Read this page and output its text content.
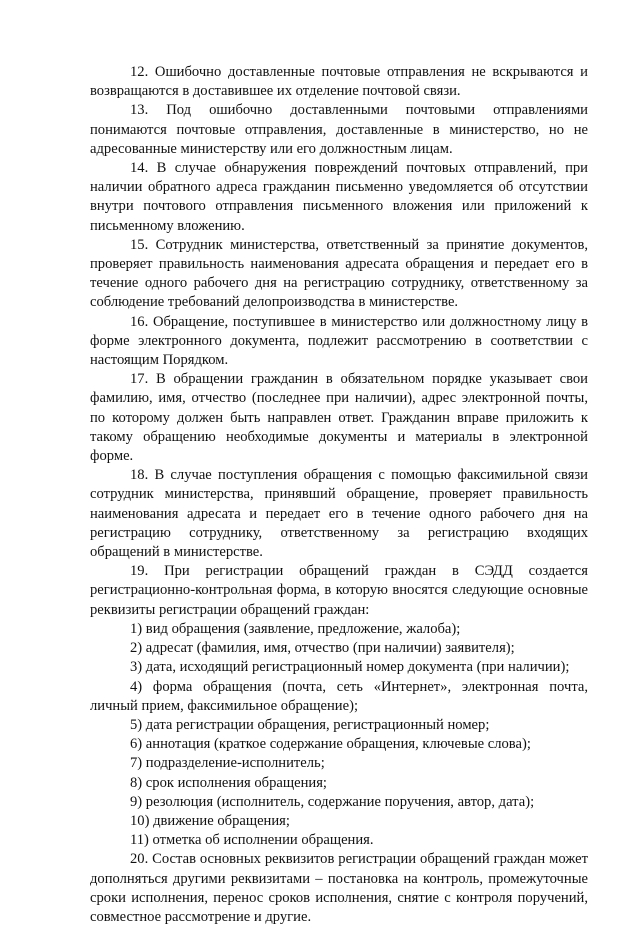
12. Ошибочно доставленные почтовые отправления не вскрываются и возвращаются в доставившее их отделение почтовой связи.

13. Под ошибочно доставленными почтовыми отправлениями понимаются почтовые отправления, доставленные в министерство, но не адресованные министерству или его должностным лицам.

14. В случае обнаружения повреждений почтовых отправлений, при наличии обратного адреса гражданин письменно уведомляется об отсутствии внутри почтового отправления письменного вложения или приложений к письменному вложению.

15. Сотрудник министерства, ответственный за принятие документов, проверяет правильность наименования адресата обращения и передает его в течение одного рабочего дня на регистрацию сотруднику, ответственному за соблюдение требований делопроизводства в министерстве.

16. Обращение, поступившее в министерство или должностному лицу в форме электронного документа, подлежит рассмотрению в соответствии с настоящим Порядком.

17. В обращении гражданин в обязательном порядке указывает свои фамилию, имя, отчество (последнее при наличии), адрес электронной почты, по которому должен быть направлен ответ. Гражданин вправе приложить к такому обращению необходимые документы и материалы в электронной форме.

18. В случае поступления обращения с помощью факсимильной связи сотрудник министерства, принявший обращение, проверяет правильность наименования адресата и передает его в течение одного рабочего дня на регистрацию сотруднику, ответственному за регистрацию входящих обращений в министерстве.

19. При регистрации обращений граждан в СЭДД создается регистрационно-контрольная форма, в которую вносятся следующие основные реквизиты регистрации обращений граждан:

1) вид обращения (заявление, предложение, жалоба);

2) адресат (фамилия, имя, отчество (при наличии) заявителя);

3) дата, исходящий регистрационный номер документа (при наличии);

4) форма обращения (почта, сеть «Интернет», электронная почта, личный прием, факсимильное обращение);

5) дата регистрации обращения, регистрационный номер;

6) аннотация (краткое содержание обращения, ключевые слова);

7) подразделение-исполнитель;

8) срок исполнения обращения;

9) резолюция (исполнитель, содержание поручения, автор, дата);

10) движение обращения;

11) отметка об исполнении обращения.

20. Состав основных реквизитов регистрации обращений граждан может дополняться другими реквизитами – постановка на контроль, промежуточные сроки исполнения, перенос сроков исполнения, снятие с контроля поручений, совместное рассмотрение и другие.
